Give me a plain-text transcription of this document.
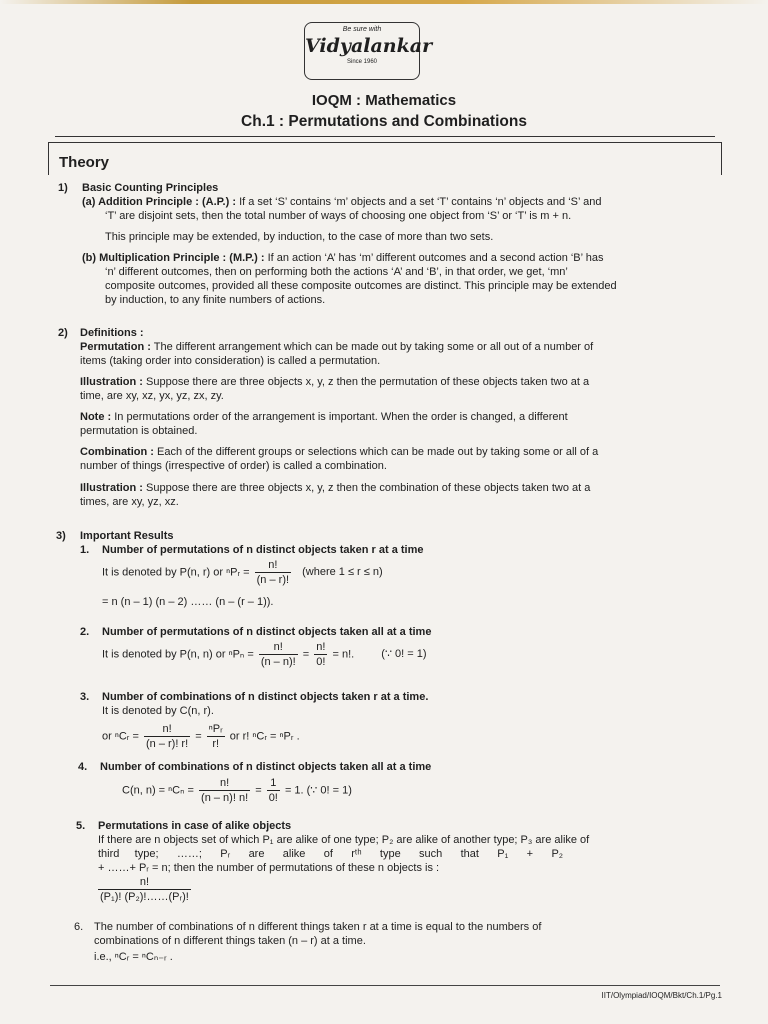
Be sure with
Vidyalankar
Since 1960
IOQM : Mathematics
Ch.1 : Permutations and Combinations
Theory
1) Basic Counting Principles
(a) Addition Principle : (A.P.) : If a set ‘S’ contains ‘m’ objects and a set ‘T’ contains ‘n’ objects and ‘S’ and
‘T’ are disjoint sets, then the total number of ways of choosing one object from ‘S’ or ‘T’ is m + n.
This principle may be extended, by induction, to the case of more than two sets.
(b) Multiplication Principle : (M.P.) : If an action ‘A’ has ‘m’ different outcomes and a second action ‘B’ has
‘n’ different outcomes, then on performing both the actions ‘A’ and ‘B’, in that order, we get, ‘mn’
composite outcomes, provided all these composite outcomes are distinct. This principle may be extended
by induction, to any finite numbers of actions.
2) Definitions :
Permutation : The different arrangement which can be made out by taking some or all out of a number of
items (taking order into consideration) is called a permutation.
Illustration : Suppose there are three objects x, y, z then the permutation of these objects taken two at a
time, are xy, xz, yx, yz, zx, zy.
Note : In permutations order of the arrangement is important. When the order is changed, a different
permutation is obtained.
Combination : Each of the different groups or selections which can be made out by taking some or all of a
number of things (irrespective of order) is called a combination.
Illustration : Suppose there are three objects x, y, z then the combination of these objects taken two at a
times, are xy, yz, xz.
3) Important Results
1. Number of permutations of n distinct objects taken r at a time
It is denoted by P(n, r) or ⁿPᵣ = $\frac{n!}{(n - r)!}$ (where 1 ≤ r ≤ n)
= n (n – 1) (n – 2) …… (n – (r – 1)).
2. Number of permutations of n distinct objects taken all at a time
It is denoted by P(n, n) or $^nP_n = \frac{n!}{(n - n)!} = \frac{n!}{0!} = n$!. (∵ 0! = 1)
3. Number of combinations of n distinct objects taken r at a time.
It is denoted by C(n, r).
or ⁿCᵣ = $\frac{n!}{(n - r)! r!} = \frac{\text{ⁿPᵣ}}{r!}$ or r! ⁿCᵣ = ⁿPᵣ .
4. Number of combinations of n distinct objects taken all at a time
C(n, $n) = ^nC_n = \frac{n!}{(n - n)! n!} = \frac{1}{0!} = 1$. (∵ 0! = 1)
5. Permutations in case of alike objects
If there are n objects set of which P₁ are alike of one type; P₂ are alike of another type; P₃ are alike of
third     type;      ……;      Pᵣ      are      alike      of      rᵗʰ      type      such      that      P₁      +      P₂
+ ……+ Pᵣ = n; then the number of permutations of these n objects is :
$\frac{n!}{\text{(P₁)! (P₂)!……(Pᵣ)!}}$
6. The number of combinations of n different things taken r at a time is equal to the numbers of
combinations of n different things taken (n – r) at a time.
i.e., ⁿCᵣ = ⁿCₙ₋ᵣ .
IIT/Olympiad/IOQM/Bkt/Ch.1/Pg.1
